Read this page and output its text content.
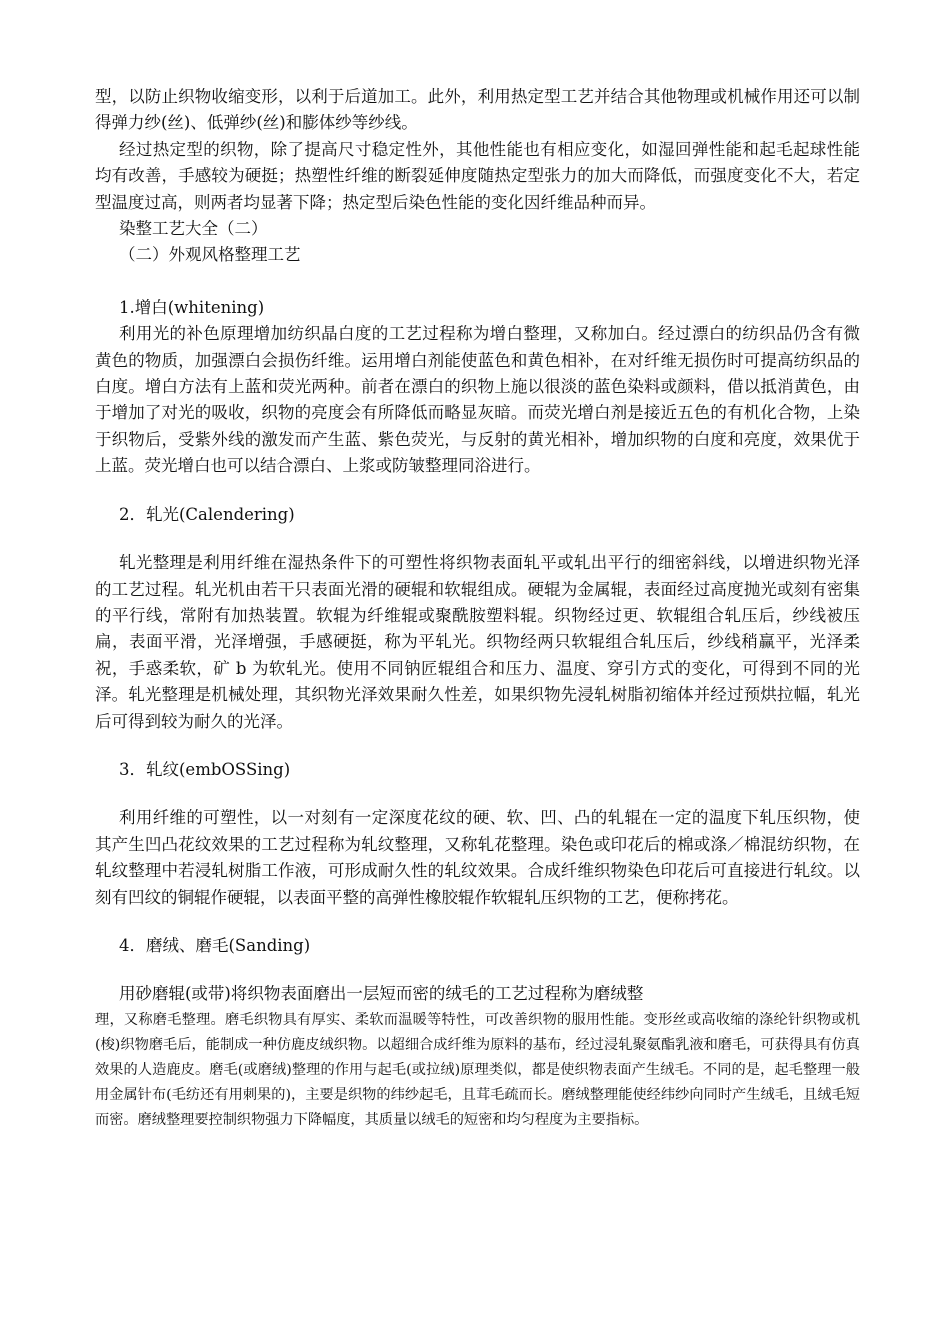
型，以防止织物收缩变形，以利于后道加工。此外，利用热定型工艺并结合其他物理或机械作用还可以制得弹力纱(丝)、低弹纱(丝)和膨体纱等纱线。

经过热定型的织物，除了提高尺寸稳定性外，其他性能也有相应变化，如湿回弹性能和起毛起球性能均有改善，手感较为硬挺；热塑性纤维的断裂延伸度随热定型张力的加大而降低，而强度变化不大，若定型温度过高，则两者均显著下降；热定型后染色性能的变化因纤维品种而异。

染整工艺大全（二）

（二）外观风格整理工艺

1.增白(whitening)

利用光的补色原理增加纺织晶白度的工艺过程称为增白整理，又称加白。经过漂白的纺织品仍含有微黄色的物质，加强漂白会损伤纤维。运用增白剂能使蓝色和黄色相补，在对纤维无损伤时可提高纺织品的白度。增白方法有上蓝和荧光两种。前者在漂白的织物上施以很淡的蓝色染料或颜料，借以抵消黄色，由于增加了对光的吸收，织物的亮度会有所降低而略显灰暗。而荧光增白剂是接近五色的有机化合物，上染于织物后，受紫外线的激发而产生蓝、紫色荧光，与反射的黄光相补，增加织物的白度和亮度，效果优于上蓝。荧光增白也可以结合漂白、上浆或防皱整理同浴进行。

2．轧光(Calendering)

轧光整理是利用纤维在湿热条件下的可塑性将织物表面轧平或轧出平行的细密斜线，以增进织物光泽的工艺过程。轧光机由若干只表面光滑的硬辊和软辊组成。硬辊为金属辊，表面经过高度抛光或刻有密集的平行线，常附有加热装置。软辊为纤维辊或聚酰胺塑料辊。织物经过更、软辊组合轧压后，纱线被压扁，表面平滑，光泽增强，手感硬挺，称为平轧光。织物经两只软辊组合轧压后，纱线稍赢平，光泽柔祝，手惑柔软，矿 b 为软轧光。使用不同钠匠辊组合和压力、温度、穿引方式的变化，可得到不同的光泽。轧光整理是机械处理，其织物光泽效果耐久性差，如果织物先浸轧树脂初缩体并经过预烘拉幅，轧光后可得到较为耐久的光泽。

3．轧纹(embOSSing)

利用纤维的可塑性，以一对刻有一定深度花纹的硬、软、凹、凸的轧辊在一定的温度下轧压织物，使其产生凹凸花纹效果的工艺过程称为轧纹整理，又称轧花整理。染色或印花后的棉或涤／棉混纺织物，在轧纹整理中若浸轧树脂工作液，可形成耐久性的轧纹效果。合成纤维织物染色印花后可直接进行轧纹。以刻有凹纹的铜辊作硬辊，以表面平整的高弹性橡胶辊作软辊轧压织物的工艺，便称拷花。

4．磨绒、磨毛(Sanding)

用砂磨辊(或带)将织物表面磨出一层短而密的绒毛的工艺过程称为磨绒整

理，又称磨毛整理。磨毛织物具有厚实、柔软而温暖等特性，可改善织物的服用性能。变形丝或高收缩的涤纶针织物或机(梭)织物磨毛后，能制成一种仿鹿皮绒织物。以超细合成纤维为原料的基布，经过浸轧聚氨酯乳液和磨毛，可获得具有仿真效果的人造鹿皮。磨毛(或磨绒)整理的作用与起毛(或拉绒)原理类似，都是使织物表面产生绒毛。不同的是，起毛整理一般用金属针布(毛纺还有用刺果的)，主要是织物的纬纱起毛，且茸毛疏而长。磨绒整理能使经纬纱向同时产生绒毛，且绒毛短而密。磨绒整理要控制织物强力下降幅度，其质量以绒毛的短密和均匀程度为主要指标。
